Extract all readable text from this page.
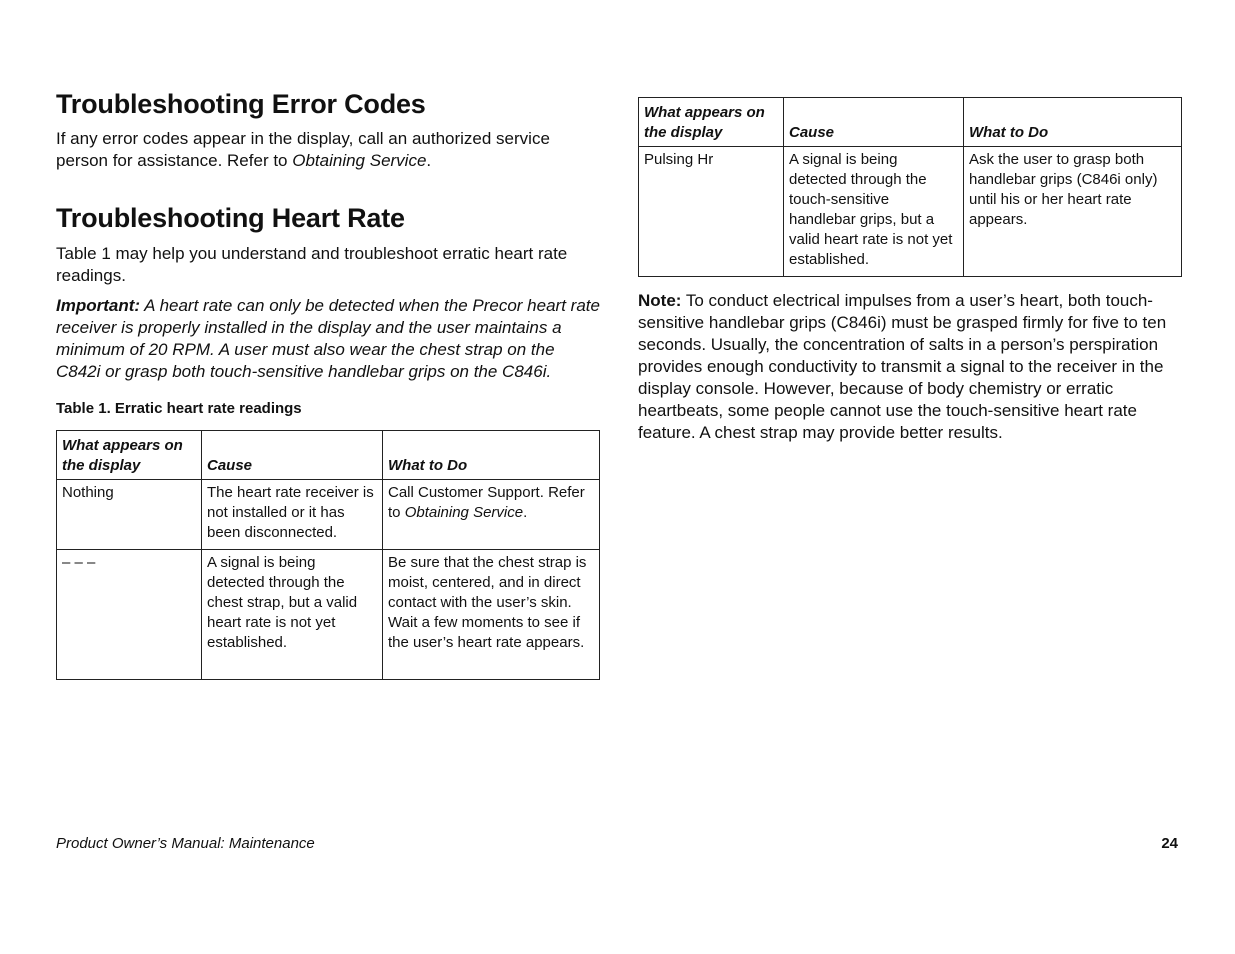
Troubleshooting Error Codes

If any error codes appear in the display, call an authorized service person for assistance. Refer to Obtaining Service.

Troubleshooting Heart Rate

Table 1 may help you understand and troubleshoot erratic heart rate readings.

Important: A heart rate can only be detected when the Precor heart rate receiver is properly installed in the display and the user maintains a minimum of 20 RPM. A user must also wear the chest strap on the C842i or grasp both touch-sensitive handlebar grips on the C846i.

Table 1. Erratic heart rate readings
What appears on the display	Cause	What to Do
Nothing	The heart rate receiver is not installed or it has been disconnected.	Call Customer Support. Refer to Obtaining Service.
– – –	A signal is being detected through the chest strap, but a valid heart rate is not yet established.	Be sure that the chest strap is moist, centered, and in direct contact with the user’s skin. Wait a few moments to see if the user’s heart rate appears.
What appears on the display	Cause	What to Do
Pulsing Hr	A signal is being detected through the touch-sensitive handlebar grips, but a valid heart rate is not yet established.	Ask the user to grasp both handlebar grips (C846i only) until his or her heart rate appears.
Note: To conduct electrical impulses from a user’s heart, both touch-sensitive handlebar grips (C846i) must be grasped firmly for five to ten seconds. Usually, the concentration of salts in a person’s perspiration provides enough conductivity to transmit a signal to the receiver in the display console. However, because of body chemistry or erratic heartbeats, some people cannot use the touch-sensitive heart rate feature. A chest strap may provide better results.
Product Owner’s Manual: Maintenance	24
